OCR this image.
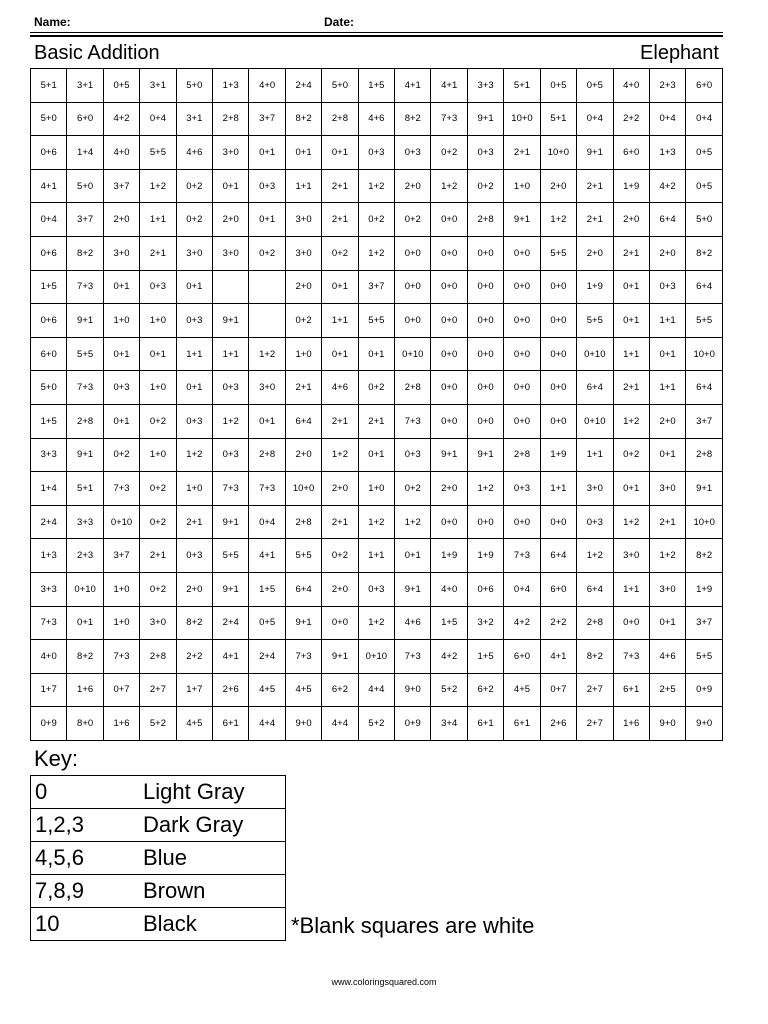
Name:	Date:
Basic Addition	Elephant
5+1	3+1	0+5	3+1	5+0	1+3	4+0	2+4	5+0	1+5	4+1	4+1	3+3	5+1	0+5	0+5	4+0	2+3	6+0
5+0	6+0	4+2	0+4	3+1	2+8	3+7	8+2	2+8	4+6	8+2	7+3	9+1	10+0	5+1	0+4	2+2	0+4	0+4
0+6	1+4	4+0	5+5	4+6	3+0	0+1	0+1	0+1	0+3	0+3	0+2	0+3	2+1	10+0	9+1	6+0	1+3	0+5
4+1	5+0	3+7	1+2	0+2	0+1	0+3	1+1	2+1	1+2	2+0	1+2	0+2	1+0	2+0	2+1	1+9	4+2	0+5
0+4	3+7	2+0	1+1	0+2	2+0	0+1	3+0	2+1	0+2	0+2	0+0	2+8	9+1	1+2	2+1	2+0	6+4	5+0
0+6	8+2	3+0	2+1	3+0	3+0	0+2	3+0	0+2	1+2	0+0	0+0	0+0	0+0	5+5	2+0	2+1	2+0	8+2
1+5	7+3	0+1	0+3	0+1			2+0	0+1	3+7	0+0	0+0	0+0	0+0	0+0	1+9	0+1	0+3	6+4
0+6	9+1	1+0	1+0	0+3	9+1		0+2	1+1	5+5	0+0	0+0	0+0	0+0	0+0	5+5	0+1	1+1	5+5
6+0	5+5	0+1	0+1	1+1	1+1	1+2	1+0	0+1	0+1	0+10	0+0	0+0	0+0	0+0	0+10	1+1	0+1	10+0
5+0	7+3	0+3	1+0	0+1	0+3	3+0	2+1	4+6	0+2	2+8	0+0	0+0	0+0	0+0	6+4	2+1	1+1	6+4
1+5	2+8	0+1	0+2	0+3	1+2	0+1	6+4	2+1	2+1	7+3	0+0	0+0	0+0	0+0	0+10	1+2	2+0	3+7
3+3	9+1	0+2	1+0	1+2	0+3	2+8	2+0	1+2	0+1	0+3	9+1	9+1	2+8	1+9	1+1	0+2	0+1	2+8
1+4	5+1	7+3	0+2	1+0	7+3	7+3	10+0	2+0	1+0	0+2	2+0	1+2	0+3	1+1	3+0	0+1	3+0	9+1
2+4	3+3	0+10	0+2	2+1	9+1	0+4	2+8	2+1	1+2	1+2	0+0	0+0	0+0	0+0	0+3	1+2	2+1	10+0
1+3	2+3	3+7	2+1	0+3	5+5	4+1	5+5	0+2	1+1	0+1	1+9	1+9	7+3	6+4	1+2	3+0	1+2	8+2
3+3	0+10	1+0	0+2	2+0	9+1	1+5	6+4	2+0	0+3	9+1	4+0	0+6	0+4	6+0	6+4	1+1	3+0	1+9
7+3	0+1	1+0	3+0	8+2	2+4	0+5	9+1	0+0	1+2	4+6	1+5	3+2	4+2	2+2	2+8	0+0	0+1	3+7
4+0	8+2	7+3	2+8	2+2	4+1	2+4	7+3	9+1	0+10	7+3	4+2	1+5	6+0	4+1	8+2	7+3	4+6	5+5
1+7	1+6	0+7	2+7	1+7	2+6	4+5	4+5	6+2	4+4	9+0	5+2	6+2	4+5	0+7	2+7	6+1	2+5	0+9
0+9	8+0	1+6	5+2	4+5	6+1	4+4	9+0	4+4	5+2	0+9	3+4	6+1	6+1	2+6	2+7	1+6	9+0	9+0
Key:
0	Light Gray
1,2,3	Dark Gray
4,5,6	Blue
7,8,9	Brown
10	Black	*Blank squares are white
www.coloringsquared.com
